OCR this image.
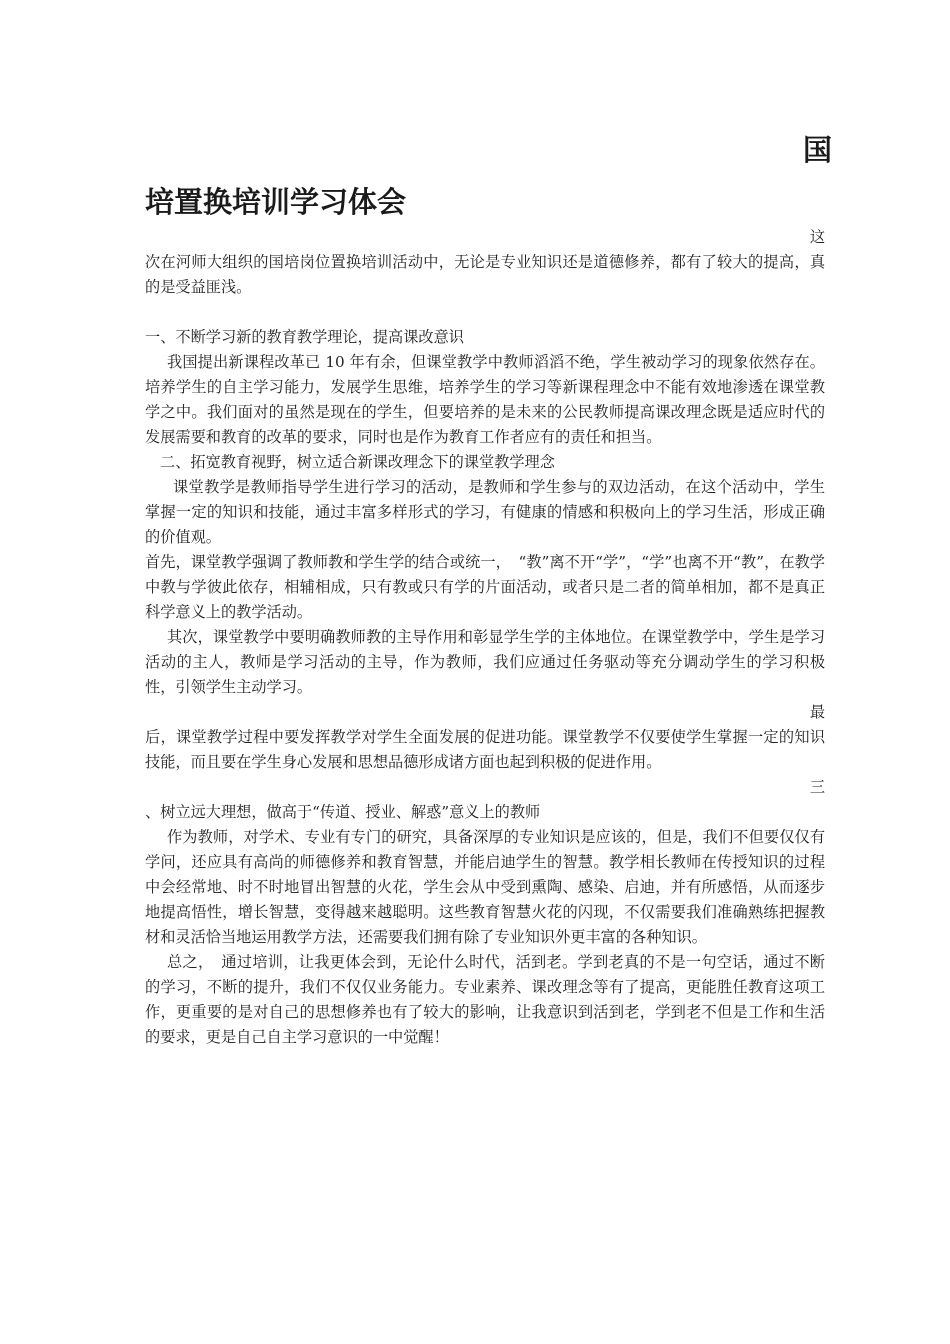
国
培置换培训学习体会

这

次在河师大组织的国培岗位置换培训活动中，无论是专业知识还是道德修养，都有了较大的提高，真的是受益匪浅。

一、不断学习新的教育教学理论，提高课改意识

我国提出新课程改革已 10 年有余，但课堂教学中教师滔滔不绝，学生被动学习的现象依然存在。培养学生的自主学习能力，发展学生思维，培养学生的学习等新课程理念中不能有效地渗透在课堂教学之中。我们面对的虽然是现在的学生，但要培养的是未来的公民教师提高课改理念既是适应时代的发展需要和教育的改革的要求，同时也是作为教育工作者应有的责任和担当。

二、拓宽教育视野，树立适合新课改理念下的课堂教学理念

课堂教学是教师指导学生进行学习的活动，是教师和学生参与的双边活动，在这个活动中，学生掌握一定的知识和技能，通过丰富多样形式的学习，有健康的情感和积极向上的学习生活，形成正确的价值观。

首先，课堂教学强调了教师教和学生学的结合或统一，　“教”离不开“学”，“学”也离不开“教”，在教学中教与学彼此依存，相辅相成，只有教或只有学的片面活动，或者只是二者的简单相加，都不是真正科学意义上的教学活动。

其次，课堂教学中要明确教师教的主导作用和彰显学生学的主体地位。在课堂教学中，学生是学习活动的主人，教师是学习活动的主导，作为教师，我们应通过任务驱动等充分调动学生的学习积极性，引领学生主动学习。

最

后，课堂教学过程中要发挥教学对学生全面发展的促进功能。课堂教学不仅要使学生掌握一定的知识技能，而且要在学生身心发展和思想品德形成诸方面也起到积极的促进作用。

三

、树立远大理想，做高于“传道、授业、解惑”意义上的教师

作为教师，对学术、专业有专门的研究，具备深厚的专业知识是应该的，但是，我们不但要仅仅有学问，还应具有高尚的师德修养和教育智慧，并能启迪学生的智慧。教学相长教师在传授知识的过程中会经常地、时不时地冒出智慧的火花，学生会从中受到熏陶、感染、启迪，并有所感悟，从而逐步地提高悟性，增长智慧，变得越来越聪明。这些教育智慧火花的闪现，不仅需要我们准确熟练把握教材和灵活恰当地运用教学方法，还需要我们拥有除了专业知识外更丰富的各种知识。

总之，　通过培训，让我更体会到，无论什么时代，活到老。学到老真的不是一句空话，通过不断的学习，不断的提升，我们不仅仅业务能力。专业素养、课改理念等有了提高，更能胜任教育这项工作，更重要的是对自己的思想修养也有了较大的影响，让我意识到活到老，学到老不但是工作和生活的要求，更是自己自主学习意识的一中觉醒！
